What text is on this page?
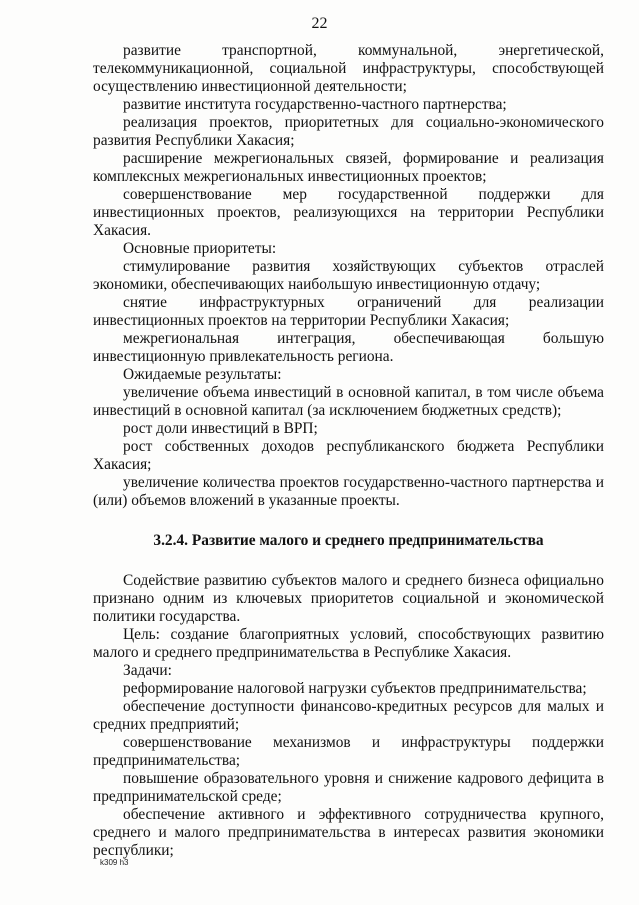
22

развитие транспортной, коммунальной, энергетической, телекоммуникационной, социальной инфраструктуры, способствующей осуществлению инвестиционной деятельности;

развитие института государственно-частного партнерства;

реализация проектов, приоритетных для социально-экономического развития Республики Хакасия;

расширение межрегиональных связей, формирование и реализация комплексных межрегиональных инвестиционных проектов;

совершенствование мер государственной поддержки для инвестиционных проектов, реализующихся на территории Республики Хакасия.

Основные приоритеты:

стимулирование развития хозяйствующих субъектов отраслей экономики, обеспечивающих наибольшую инвестиционную отдачу;

снятие инфраструктурных ограничений для реализации инвестиционных проектов на территории Республики Хакасия;

межрегиональная интеграция, обеспечивающая большую инвестиционную привлекательность региона.

Ожидаемые результаты:

увеличение объема инвестиций в основной капитал, в том числе объема инвестиций в основной капитал (за исключением бюджетных средств);

рост доли инвестиций в ВРП;

рост собственных доходов республиканского бюджета Республики Хакасия;

увеличение количества проектов государственно-частного партнерства и (или) объемов вложений в указанные проекты.

3.2.4. Развитие малого и среднего предпринимательства

Содействие развитию субъектов малого и среднего бизнеса официально признано одним из ключевых приоритетов социальной и экономической политики государства.

Цель: создание благоприятных условий, способствующих развитию малого и среднего предпринимательства в Республике Хакасия.

Задачи:

реформирование налоговой нагрузки субъектов предпринимательства;

обеспечение доступности финансово-кредитных ресурсов для малых и средних предприятий;

совершенствование механизмов и инфраструктуры поддержки предпринимательства;

повышение образовательного уровня и снижение кадрового дефицита в предпринимательской среде;

обеспечение активного и эффективного сотрудничества крупного, среднего и малого предпринимательства в интересах развития экономики республики;

k309 h3
